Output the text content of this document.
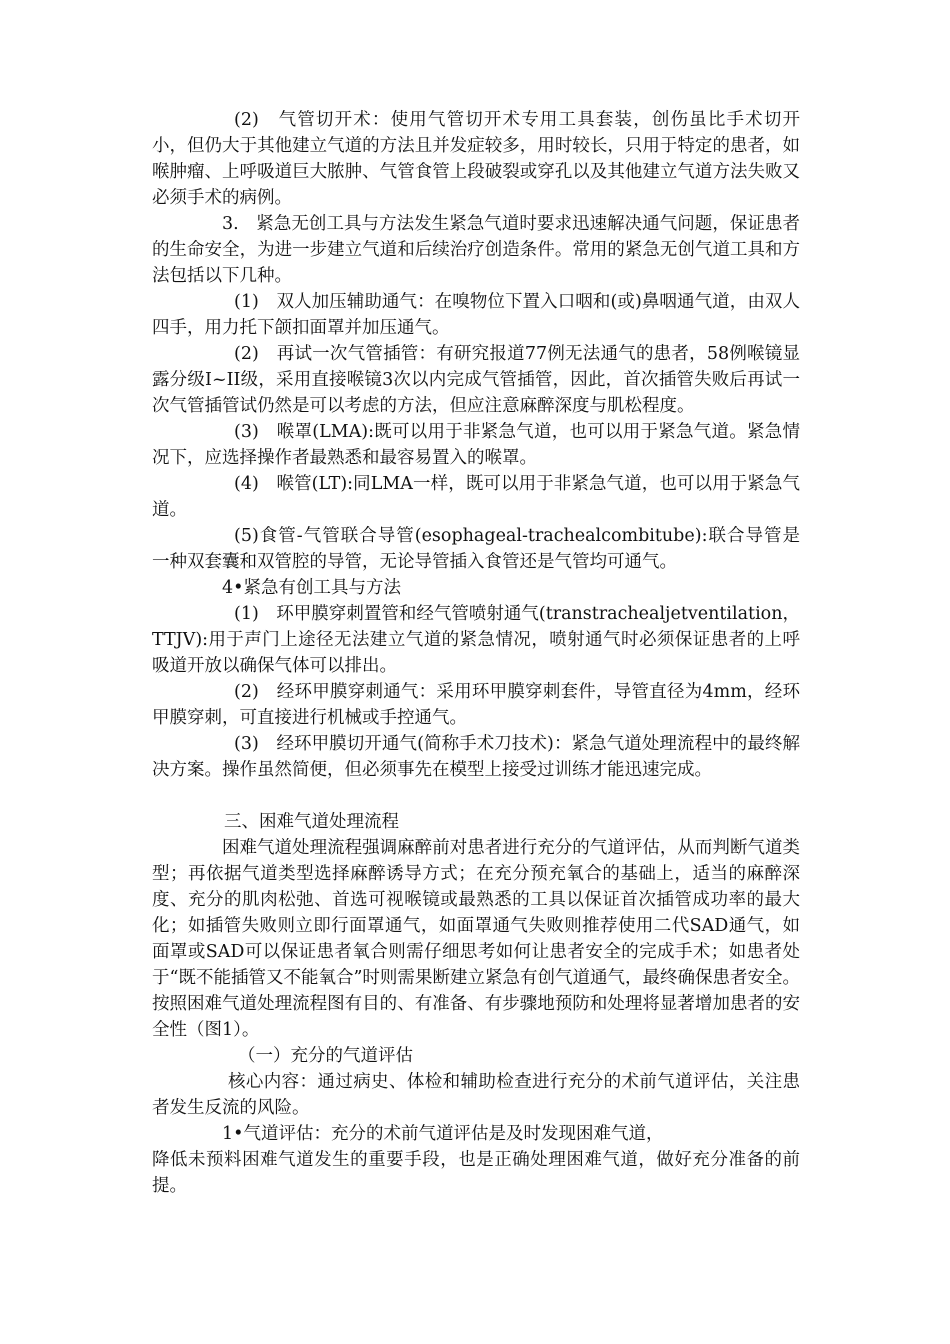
(2)　气管切开术：使用气管切开术专用工具套装，创伤虽比手术切开小，但仍大于其他建立气道的方法且并发症较多，用时较长，只用于特定的患者，如喉肿瘤、上呼吸道巨大脓肿、气管食管上段破裂或穿孔以及其他建立气道方法失败又必须手术的病例。

3.　紧急无创工具与方法发生紧急气道时要求迅速解决通气问题，保证患者的生命安全，为进一步建立气道和后续治疗创造条件。常用的紧急无创气道工具和方法包括以下几种。

(1)　双人加压辅助通气：在嗅物位下置入口咽和(或)鼻咽通气道，由双人四手，用力托下颌扣面罩并加压通气。

(2)　再试一次气管插管：有研究报道77例无法通气的患者，58例喉镜显露分级I~II级，采用直接喉镜3次以内完成气管插管，因此，首次插管失败后再试一次气管插管试仍然是可以考虑的方法，但应注意麻醉深度与肌松程度。

(3)　喉罩(LMA):既可以用于非紧急气道，也可以用于紧急气道。紧急情况下，应选择操作者最熟悉和最容易置入的喉罩。

(4)　喉管(LT):同LMA一样，既可以用于非紧急气道，也可以用于紧急气道。

(5)食管-气管联合导管(esophageal-trachealcombitube):联合导管是一种双套囊和双管腔的导管，无论导管插入食管还是气管均可通气。

4•紧急有创工具与方法

(1)　环甲膜穿刺置管和经气管喷射通气(transtrachealjetventilation，TTJV):用于声门上途径无法建立气道的紧急情况，喷射通气时必须保证患者的上呼吸道开放以确保气体可以排出。

(2)　经环甲膜穿刺通气：采用环甲膜穿刺套件，导管直径为4mm，经环甲膜穿刺，可直接进行机械或手控通气。

(3)　经环甲膜切开通气(简称手术刀技术)：紧急气道处理流程中的最终解决方案。操作虽然简便，但必须事先在模型上接受过训练才能迅速完成。

三、困难气道处理流程

困难气道处理流程强调麻醉前对患者进行充分的气道评估，从而判断气道类型；再依据气道类型选择麻醉诱导方式；在充分预充氧合的基础上，适当的麻醉深度、充分的肌肉松弛、首选可视喉镜或最熟悉的工具以保证首次插管成功率的最大化；如插管失败则立即行面罩通气，如面罩通气失败则推荐使用二代SAD通气，如面罩或SAD可以保证患者氧合则需仔细思考如何让患者安全的完成手术；如患者处于“既不能插管又不能氧合”时则需果断建立紧急有创气道通气，最终确保患者安全。按照困难气道处理流程图有目的、有准备、有步骤地预防和处理将显著增加患者的安全性（图1）。

（一）充分的气道评估

核心内容：通过病史、体检和辅助检查进行充分的术前气道评估，关注患者发生反流的风险。

1•气道评估：充分的术前气道评估是及时发现困难气道，

降低未预料困难气道发生的重要手段，也是正确处理困难气道，做好充分准备的前提。
